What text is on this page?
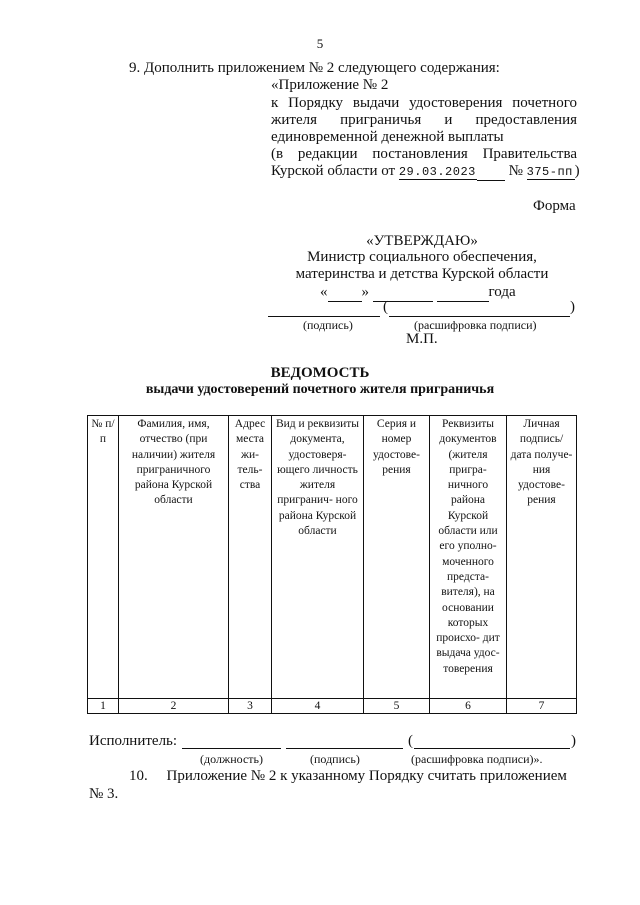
5
9. Дополнить приложением № 2 следующего содержания:
«Приложение № 2
к Порядку выдачи удостоверения почетного
жителя приграничья и предоставления
единовременной денежной выплаты
(в редакции постановления Правительства
Курской области от 29.03.2023 № 375-пп )
Форма
«УТВЕРЖДАЮ»
Министр социального обеспечения,
материнства и детства Курской области
« »	года
(	)
(подпись)	(расшифровка подписи)
М.П.
ВЕДОМОСТЬ
выдачи удостоверений почетного жителя приграничья
№ п/п	Фамилия, имя, отчество (при наличии) жителя приграничного района Курской области	Адрес места жи- тель- ства	Вид и реквизиты документа, удостоверя- ющего личность жителя пригранич- ного района Курской области	Серия и номер удостове- рения	Реквизиты документов (жителя пригра- ничного района Курской области или его уполно- моченного предста- вителя), на основании которых происхо- дит выдача удос- товерения	Личная подпись/ дата получе- ния удостове- рения
1	2	3	4	5	6	7
Исполнитель:	(	)
(должность)	(подпись)	(расшифровка подписи)».
10.     Приложение № 2 к указанному Порядку считать приложением
№ 3.
